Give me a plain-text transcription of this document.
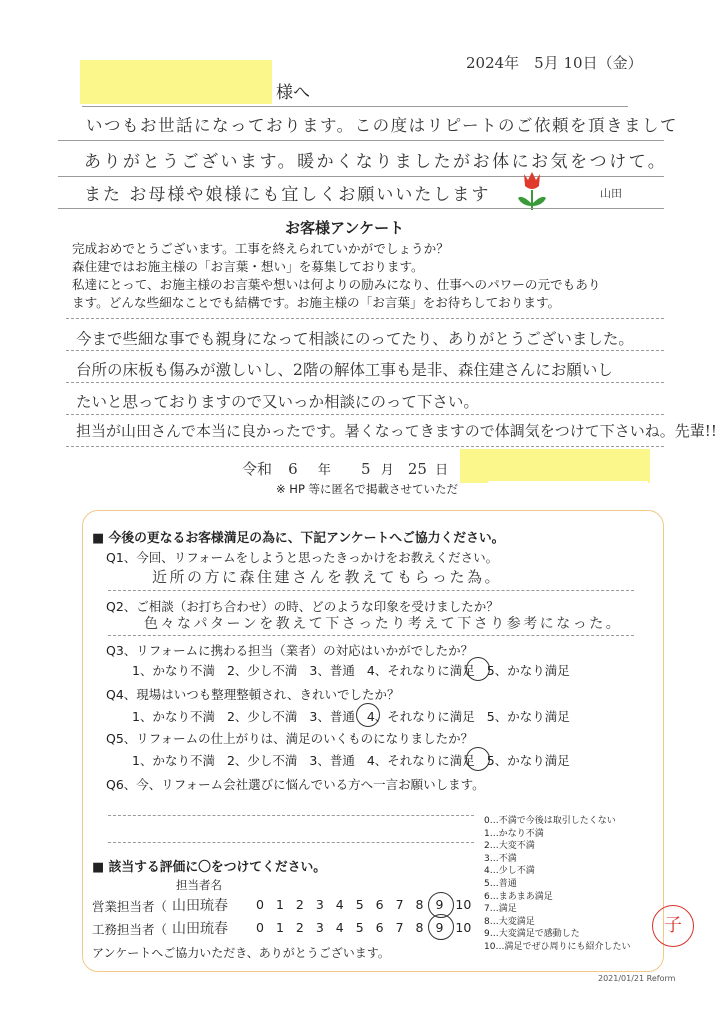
2024年　5月 10日（金）
様へ
いつもお世話になっております。この度はリピートのご依頼を頂きまして
ありがとうございます。暖かくなりましたがお体にお気をつけて。
また お母様や娘様にも宜しくお願いいたします	山田
お客様アンケート
完成おめでとうございます。工事を終えられていかがでしょうか？
森住建ではお施主様の「お言葉・想い」を募集しております。
私達にとって、お施主様のお言葉や想いは何よりの励みになり、仕事へのパワーの元でもあり
ます。どんな些細なことでも結構です。お施主様の「お言葉」をお待ちしております。
今まで些細な事でも親身になって相談にのってたり、ありがとうございました。
台所の床板も傷みが激しいし、2階の解体工事も是非、森住建さんにお願いし
たいと思っておりますので又いっか相談にのって下さい。
担当が山田さんで本当に良かったです。暑くなってきますので体調気をつけて下さいね。先輩!!
令和 6 年 5 月 25 日
※ HP 等に匿名で掲載させていただ
■ 今後の更なるお客様満足の為に、下記アンケートへご協力ください。
Q1、今回、リフォームをしようと思ったきっかけをお教えください。
近所の方に森住建さんを教えてもらった為。
Q2、ご相談（お打ち合わせ）の時、どのような印象を受けましたか？
色々なパターンを教えて下さったり考えて下さり参考になった。
Q3、リフォームに携わる担当（業者）の対応はいかがでしたか？
1、かなり不満 2、少し不満 3、普通 4、それなりに満足 5、かなり満足
Q4、現場はいつも整理整頓され、きれいでしたか？
1、かなり不満 2、少し不満 3、普通 4、それなりに満足 5、かなり満足
Q5、リフォームの仕上がりは、満足のいくものになりましたか？
1、かなり不満 2、少し不満 3、普通 4、それなりに満足 5、かなり満足
Q6、今、リフォーム会社選びに悩んでいる方へ一言お願いします。
■ 該当する評価に〇をつけてください。
担当者名
営業担当者（ 山田琉春 0 1 2 3 4 5 6 7 8 9 10
工務担当者（ 山田琉春 0 1 2 3 4 5 6 7 8 9 10
アンケートへご協力いただき、ありがとうございます。
0…不満で今後は取引したくない
1…かなり不満
2…大変不満
3…不満
4…少し不満
5…普通
6…まあまあ満足
7…満足
8…大変満足
9…大変満足で感動した
10…満足でぜひ周りにも紹介したい
子
2021/01/21 Reform
